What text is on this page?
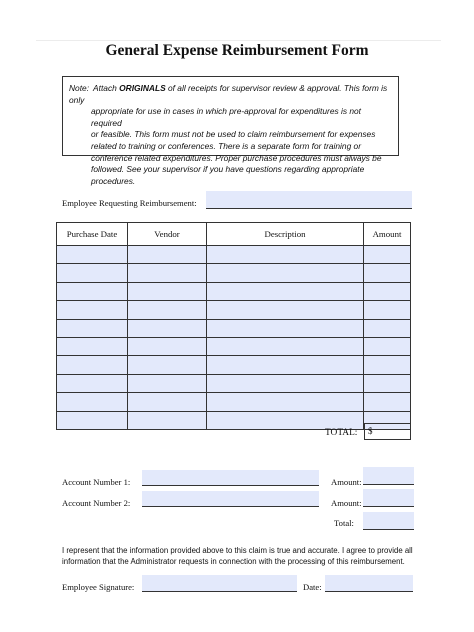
General Expense Reimbursement Form
Note: Attach ORIGINALS of all receipts for supervisor review & approval. This form is only
appropriate for use in cases in which pre-approval for expenditures is not required
or feasible. This form must not be used to claim reimbursement for expenses
related to training or conferences. There is a separate form for training or
conference related expenditures. Proper purchase procedures must always be
followed. See your supervisor if you have questions regarding appropriate procedures.
Employee Requesting Reimbursement:
Purchase Date	Vendor	Description	Amount

TOTAL:	$
Account Number 1:	Amount:
Account Number 2:	Amount:
Total:
I represent that the information provided above to this claim is true and accurate. I agree to provide all information that the Administrator requests in connection with the processing of this reimbursement.
Employee Signature:	Date:
